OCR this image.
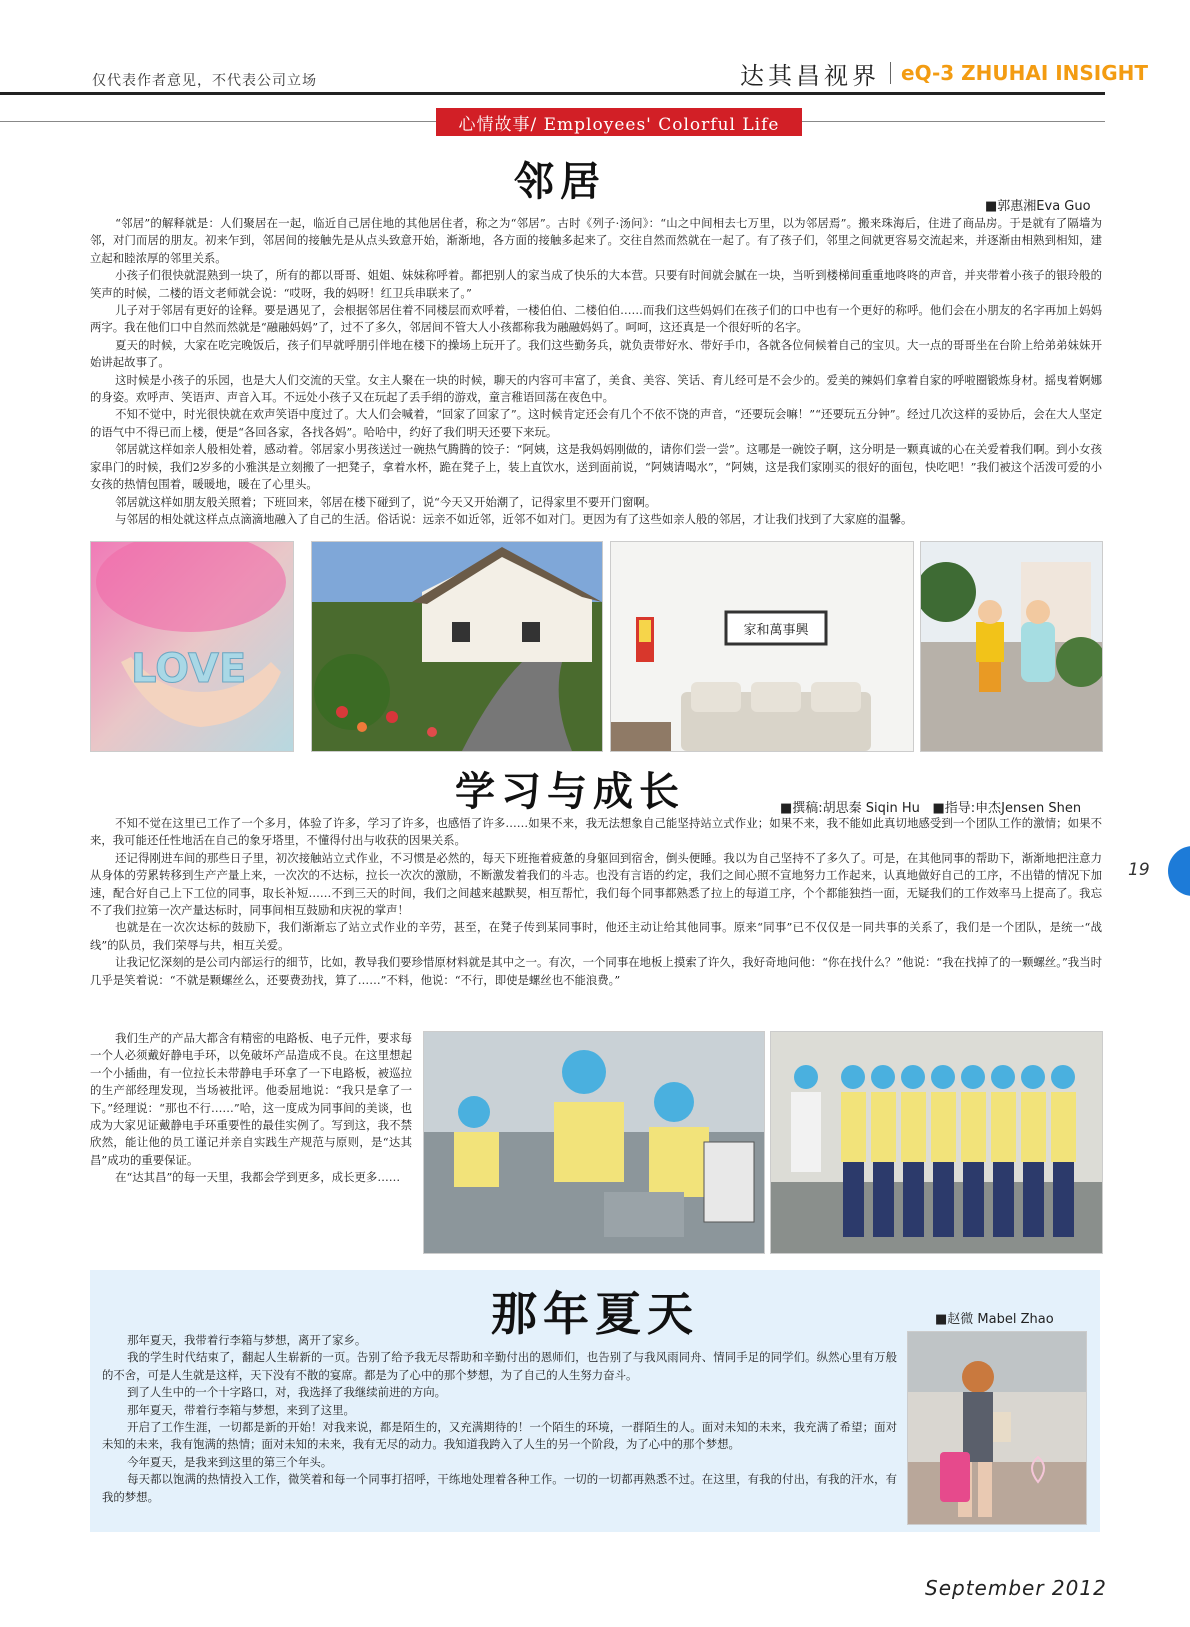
仅代表作者意见，不代表公司立场	达其昌视界 eQ-3 ZHUHAI INSIGHT
心情故事/ Employees' Colorful Life
邻居
■郭惠湘Eva Guo

“邻居”的解释就是：人们聚居在一起，临近自己居住地的其他居住者，称之为“邻居”。古时《列子·汤问》：“山之中间相去七万里，以为邻居焉”。搬来珠海后，住进了商品房。于是就有了隔墙为邻，对门而居的朋友。初来乍到，邻居间的接触先是从点头致意开始，渐渐地，各方面的接触多起来了。交往自然而然就在一起了。有了孩子们，邻里之间就更容易交流起来，并逐渐由相熟到相知，建立起和睦浓厚的邻里关系。

小孩子们很快就混熟到一块了，所有的都以哥哥、姐姐、妹妹称呼着。都把别人的家当成了快乐的大本营。只要有时间就会腻在一块，当听到楼梯间重重地咚咚的声音，并夹带着小孩子的银玲般的笑声的时候，二楼的语文老师就会说：“哎呀，我的妈呀！红卫兵串联来了。”

儿子对于邻居有更好的诠释。要是遇见了，会根据邻居住着不同楼层而欢呼着，一楼伯伯、二楼伯伯……而我们这些妈妈们在孩子们的口中也有一个更好的称呼。他们会在小朋友的名字再加上妈妈两字。我在他们口中自然而然就是“融融妈妈”了，过不了多久，邻居间不管大人小孩都称我为融融妈妈了。呵呵，这还真是一个很好听的名字。

夏天的时候，大家在吃完晚饭后，孩子们早就呼朋引伴地在楼下的操场上玩开了。我们这些勤务兵，就负责带好水、带好手巾，各就各位伺候着自己的宝贝。大一点的哥哥坐在台阶上给弟弟妹妹开始讲起故事了。

这时候是小孩子的乐园，也是大人们交流的天堂。女主人聚在一块的时候，聊天的内容可丰富了，美食、美容、笑话、育儿经可是不会少的。爱美的辣妈们拿着自家的呼啦圈锻炼身材。摇曳着婀娜的身姿。欢呼声、笑语声、声音入耳。不远处小孩子又在玩起了丢手绢的游戏，童言稚语回荡在夜色中。

不知不觉中，时光很快就在欢声笑语中度过了。大人们会喊着，“回家了回家了”。这时候肯定还会有几个不依不饶的声音，“还要玩会嘛！”“还要玩五分钟”。经过几次这样的妥协后，会在大人坚定的语气中不得已而上楼，便是“各回各家，各找各妈”。哈哈中，约好了我们明天还要下来玩。

邻居就这样如亲人般相处着，感动着。邻居家小男孩送过一碗热气腾腾的饺子：“阿姨，这是我妈妈刚做的，请你们尝一尝”。这哪是一碗饺子啊，这分明是一颗真诚的心在关爱着我们啊。到小女孩家串门的时候，我们2岁多的小雅淇是立刻搬了一把凳子，拿着水杯，跪在凳子上，装上直饮水，送到面前说，“阿姨请喝水”，“阿姨，这是我们家刚买的很好的面包，快吃吧！”我们被这个活泼可爱的小女孩的热情包围着，暖暖地，暖在了心里头。

邻居就这样如朋友般关照着；下班回来，邻居在楼下碰到了，说“今天又开始潮了，记得家里不要开门窗啊。

与邻居的相处就这样点点滴滴地融入了自己的生活。俗话说：远亲不如近邻，近邻不如对门。更因为有了这些如亲人般的邻居，才让我们找到了大家庭的温馨。

LOVE
家和萬事興
学习与成长	■撰稿:胡思秦 Siqin Hu ■指导:申杰Jensen Shen

不知不觉在这里已工作了一个多月，体验了许多，学习了许多，也感悟了许多……如果不来，我无法想象自己能坚持站立式作业；如果不来，我不能如此真切地感受到一个团队工作的激情；如果不来，我可能还任性地活在自己的象牙塔里，不懂得付出与收获的因果关系。

还记得刚进车间的那些日子里，初次接触站立式作业，不习惯是必然的，每天下班拖着疲惫的身躯回到宿舍，倒头便睡。我以为自己坚持不了多久了。可是，在其他同事的帮助下，渐渐地把注意力从身体的劳累转移到生产产量上来，一次次的不达标，拉长一次次的激励，不断激发着我们的斗志。也没有言语的约定，我们之间心照不宣地努力工作起来，认真地做好自己的工序，不出错的情况下加速，配合好自己上下工位的同事，取长补短……不到三天的时间，我们之间越来越默契，相互帮忙，我们每个同事都熟悉了拉上的每道工序，个个都能独挡一面，无疑我们的工作效率马上提高了。我忘不了我们拉第一次产量达标时，同事间相互鼓励和庆祝的掌声！

也就是在一次次达标的鼓励下，我们渐渐忘了站立式作业的辛劳，甚至，在凳子传到某同事时，他还主动让给其他同事。原来“同事”已不仅仅是一同共事的关系了，我们是一个团队，是统一“战线”的队员，我们荣辱与共，相互关爱。

让我记忆深刻的是公司内部运行的细节，比如，教导我们要珍惜原材料就是其中之一。有次，一个同事在地板上摸索了许久，我好奇地问他：“你在找什么？”他说：“我在找掉了的一颗螺丝。”我当时几乎是笑着说：“不就是颗螺丝么，还要费劲找，算了……”不料，他说：“不行，即使是螺丝也不能浪费。”

我们生产的产品大都含有精密的电路板、电子元件，要求每一个人必须戴好静电手环，以免破坏产品造成不良。在这里想起一个小插曲，有一位拉长未带静电手环拿了一下电路板，被巡拉的生产部经理发现，当场被批评。他委屈地说：“我只是拿了一下。”经理说：“那也不行……”哈，这一度成为同事间的美谈，也成为大家见证戴静电手环重要性的最佳实例了。写到这，我不禁欣然，能让他的员工谨记并亲自实践生产规范与原则，是“达其昌”成功的重要保证。

在“达其昌”的每一天里，我都会学到更多，成长更多……

19
那年夏天	■赵微 Mabel Zhao

那年夏天，我带着行李箱与梦想，离开了家乡。

我的学生时代结束了，翻起人生崭新的一页。告别了给予我无尽帮助和辛勤付出的恩师们，也告别了与我风雨同舟、情同手足的同学们。纵然心里有万般的不舍，可是人生就是这样，天下没有不散的宴席。都是为了心中的那个梦想，为了自己的人生努力奋斗。

到了人生中的一个十字路口，对，我选择了我继续前进的方向。

那年夏天，带着行李箱与梦想，来到了这里。

开启了工作生涯，一切都是新的开始！对我来说，都是陌生的，又充满期待的！一个陌生的环境，一群陌生的人。面对未知的未来，我充满了希望；面对未知的未来，我有饱满的热情；面对未知的未来，我有无尽的动力。我知道我跨入了人生的另一个阶段，为了心中的那个梦想。

今年夏天，是我来到这里的第三个年头。

每天都以饱满的热情投入工作，微笑着和每一个同事打招呼，干练地处理着各种工作。一切的一切都再熟悉不过。在这里，有我的付出，有我的汗水，有我的梦想。

September 2012
